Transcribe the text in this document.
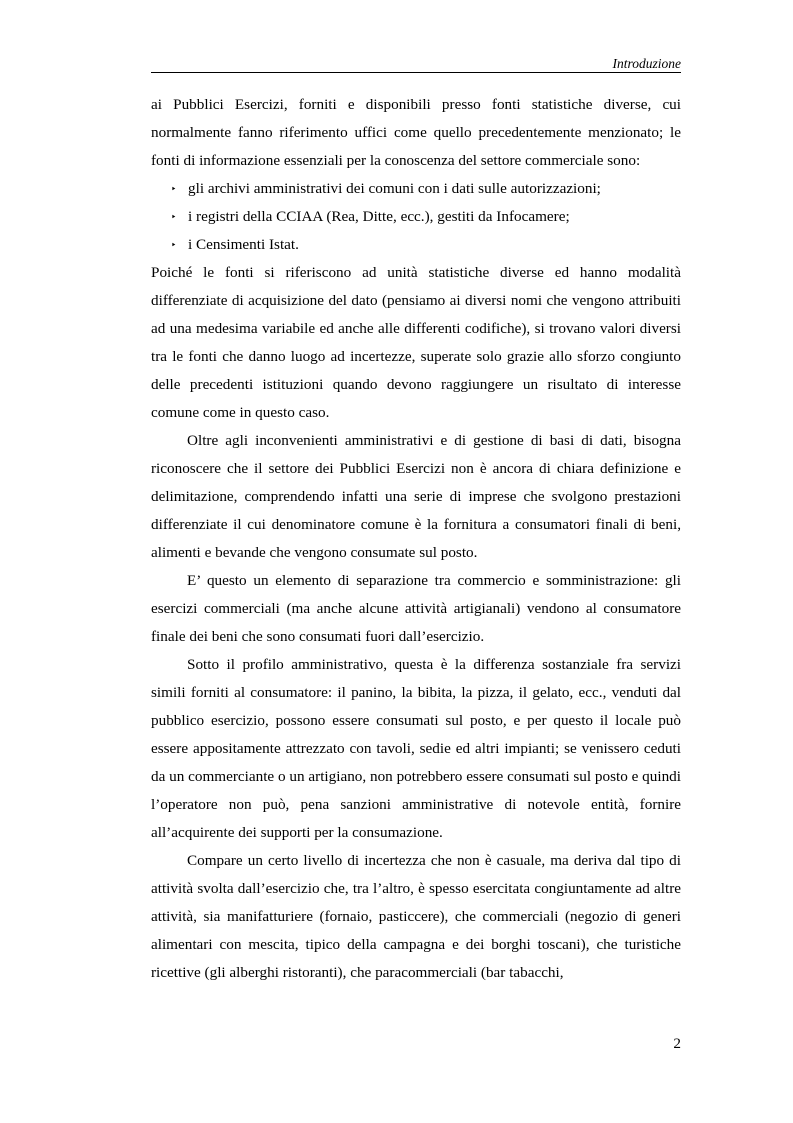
Introduzione

ai Pubblici Esercizi, forniti e disponibili presso fonti statistiche diverse, cui normalmente fanno riferimento uffici come quello precedentemente menzionato; le fonti di informazione essenziali per la conoscenza del settore commerciale sono:

‣ gli archivi amministrativi dei comuni con i dati sulle autorizzazioni;
‣ i registri della CCIAA (Rea, Ditte, ecc.), gestiti da Infocamere;
‣ i Censimenti Istat.

Poiché le fonti si riferiscono ad unità statistiche diverse ed hanno modalità differenziate di acquisizione del dato (pensiamo ai diversi nomi che vengono attribuiti ad una medesima variabile ed anche alle differenti codifiche), si trovano valori diversi tra le fonti che danno luogo ad incertezze, superate solo grazie allo sforzo congiunto delle precedenti istituzioni quando devono raggiungere un risultato di interesse comune come in questo caso.

Oltre agli inconvenienti amministrativi e di gestione di basi di dati, bisogna riconoscere che il settore dei Pubblici Esercizi non è ancora di chiara definizione e delimitazione, comprendendo infatti una serie di imprese che svolgono prestazioni differenziate il cui denominatore comune è la fornitura a consumatori finali di beni, alimenti e bevande che vengono consumate sul posto.

E’ questo un elemento di separazione tra commercio e somministrazione: gli esercizi commerciali (ma anche alcune attività artigianali) vendono al consumatore finale dei beni che sono consumati fuori dall’esercizio.

Sotto il profilo amministrativo, questa è la differenza sostanziale fra servizi simili forniti al consumatore: il panino, la bibita, la pizza, il gelato, ecc., venduti dal pubblico esercizio, possono essere consumati sul posto, e per questo il locale può essere appositamente attrezzato con tavoli, sedie ed altri impianti; se venissero ceduti da un commerciante o un artigiano, non potrebbero essere consumati sul posto e quindi l’operatore non può, pena sanzioni amministrative di notevole entità, fornire all’acquirente dei supporti per la consumazione.

Compare un certo livello di incertezza che non è casuale, ma deriva dal tipo di attività svolta dall’esercizio che, tra l’altro, è spesso esercitata congiuntamente ad altre attività, sia manifatturiere (fornaio, pasticcere), che commerciali (negozio di generi alimentari con mescita, tipico della campagna e dei borghi toscani), che turistiche ricettive (gli alberghi ristoranti), che paracommerciali (bar tabacchi,

2
